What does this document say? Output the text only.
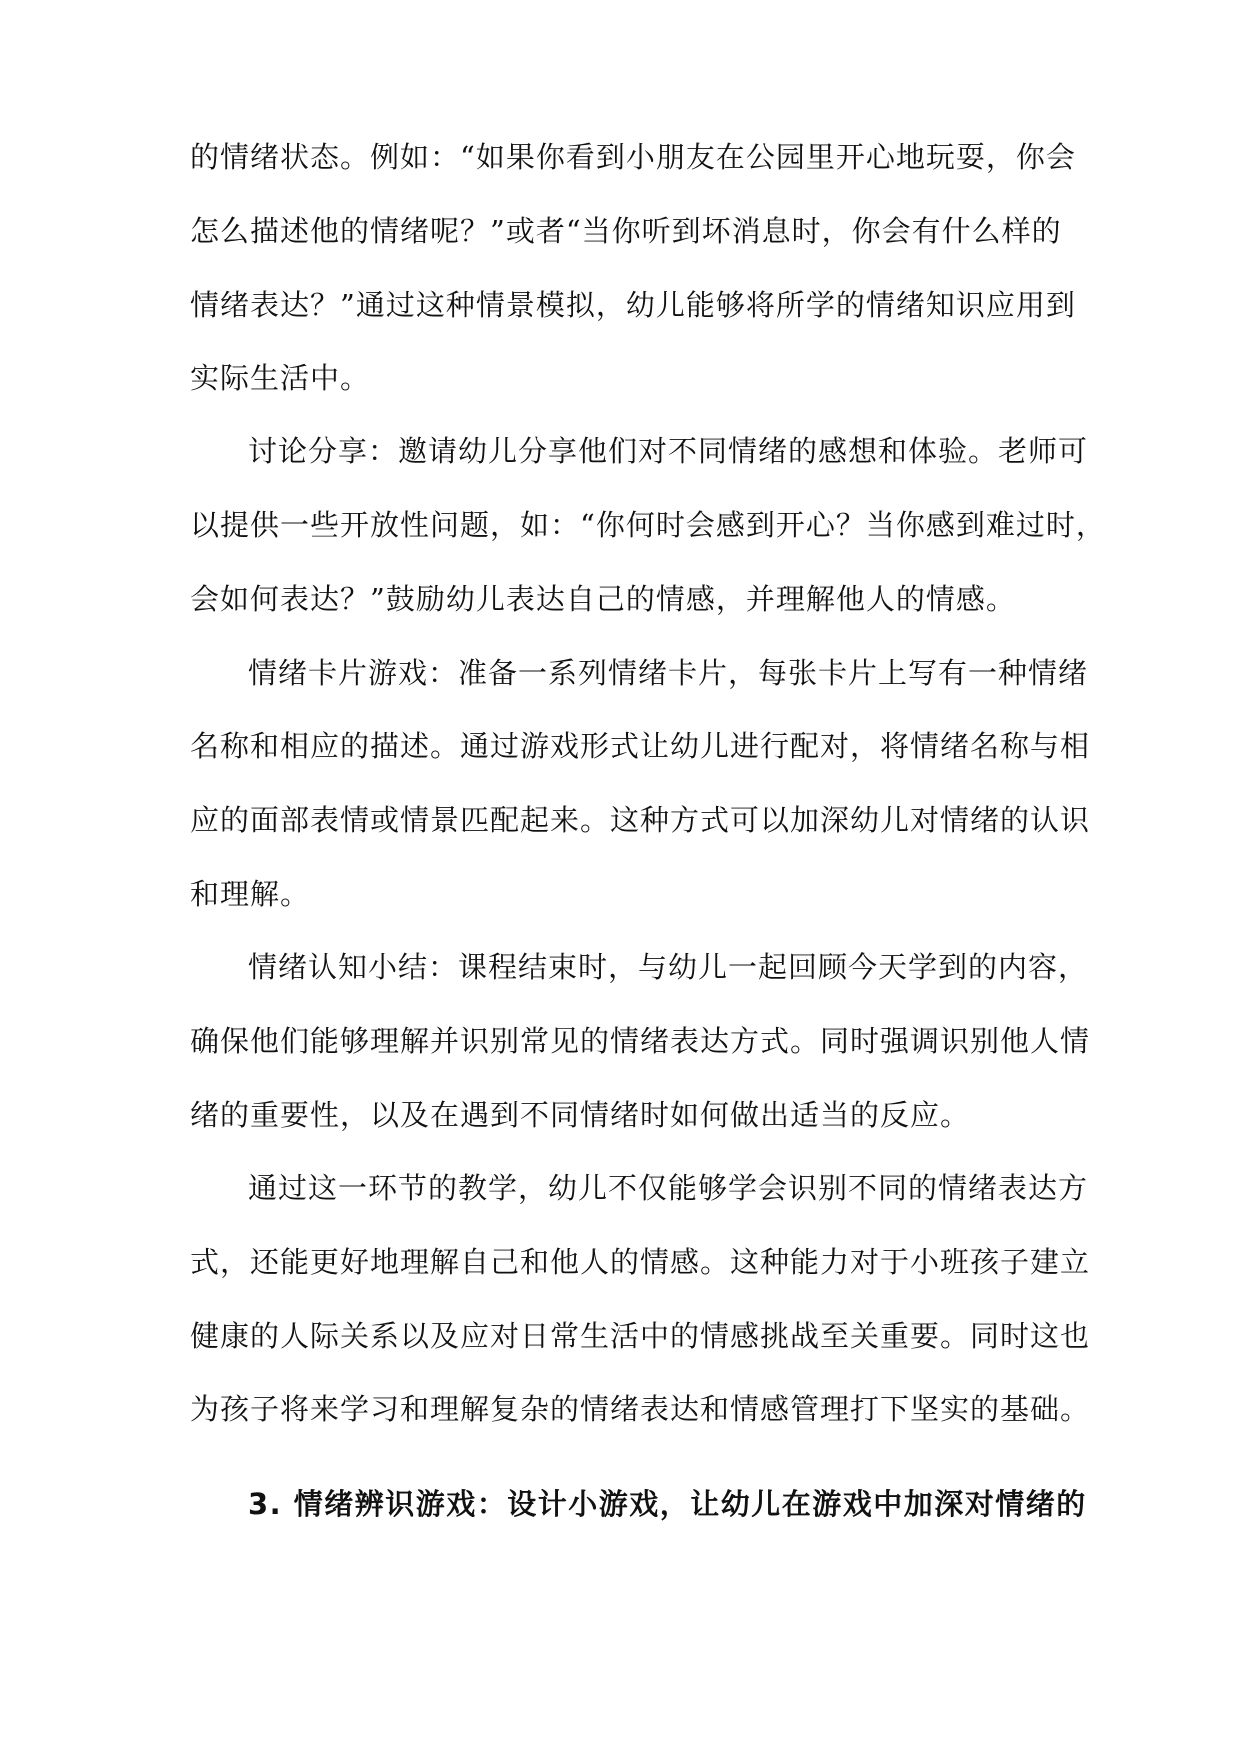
的情绪状态。例如：“如果你看到小朋友在公园里开心地玩耍，你会
怎么描述他的情绪呢？”或者“当你听到坏消息时，你会有什么样的
情绪表达？”通过这种情景模拟，幼儿能够将所学的情绪知识应用到
实际生活中。
讨论分享：邀请幼儿分享他们对不同情绪的感想和体验。老师可
以提供一些开放性问题，如：“你何时会感到开心？当你感到难过时，
会如何表达？”鼓励幼儿表达自己的情感，并理解他人的情感。
情绪卡片游戏：准备一系列情绪卡片，每张卡片上写有一种情绪
名称和相应的描述。通过游戏形式让幼儿进行配对，将情绪名称与相
应的面部表情或情景匹配起来。这种方式可以加深幼儿对情绪的认识
和理解。
情绪认知小结：课程结束时，与幼儿一起回顾今天学到的内容，
确保他们能够理解并识别常见的情绪表达方式。同时强调识别他人情
绪的重要性，以及在遇到不同情绪时如何做出适当的反应。
通过这一环节的教学，幼儿不仅能够学会识别不同的情绪表达方
式，还能更好地理解自己和他人的情感。这种能力对于小班孩子建立
健康的人际关系以及应对日常生活中的情感挑战至关重要。同时这也
为孩子将来学习和理解复杂的情绪表达和情感管理打下坚实的基础。
3. 情绪辨识游戏：设计小游戏，让幼儿在游戏中加深对情绪的
